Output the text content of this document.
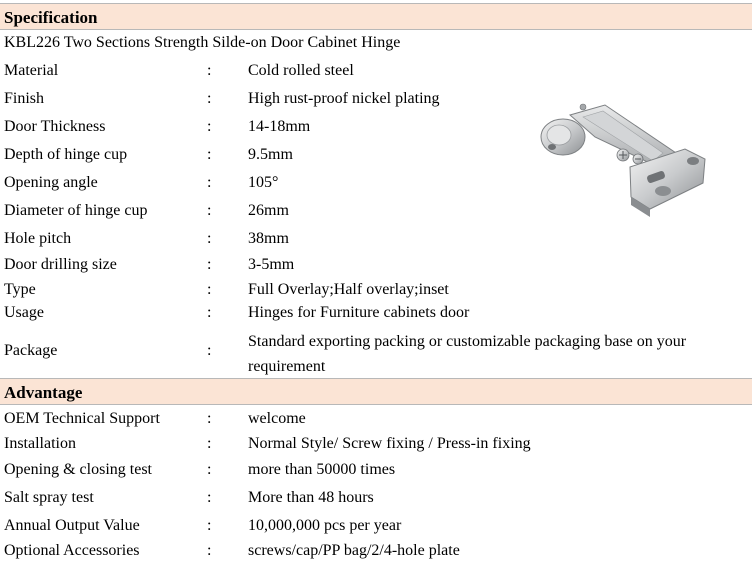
Specification
KBL226 Two Sections Strength Silde-on Door Cabinet Hinge
Material	: Cold rolled steel
Finish	: High rust-proof nickel plating
Door Thickness	: 14-18mm
Depth of hinge cup	: 9.5mm
Opening angle	: 105°
Diameter of hinge cup	: 26mm
Hole pitch	: 38mm
Door drilling size	: 3-5mm
Type	: Full Overlay;Half overlay;inset
Usage	: Hinges for Furniture cabinets door
Package	:
Standard exporting packing or customizable packaging base on your requirement
Advantage
OEM Technical Support	: welcome
Installation	: Normal Style/ Screw fixing / Press-in fixing
Opening & closing test	: more than 50000 times
Salt spray test	: More than 48 hours
Annual Output Value	: 10,000,000 pcs per year
Optional Accessories	: screws/cap/PP bag/2/4-hole plate
